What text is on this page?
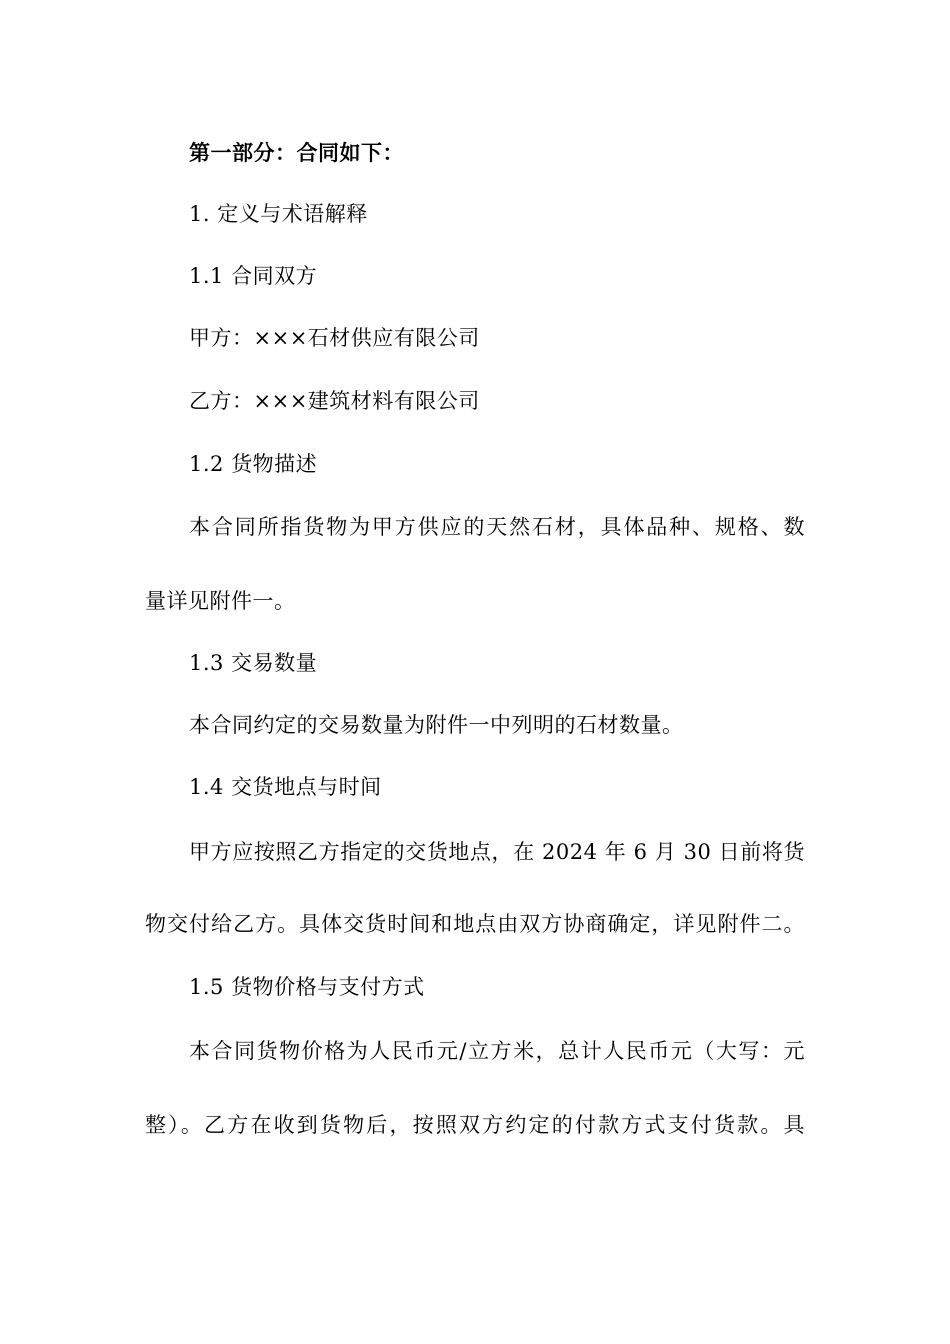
第一部分：合同如下：
1. 定义与术语解释
1.1 合同双方
甲方：×××石材供应有限公司
乙方：×××建筑材料有限公司
1.2 货物描述
本合同所指货物为甲方供应的天然石材，具体品种、规格、数
量详见附件一。
1.3 交易数量
本合同约定的交易数量为附件一中列明的石材数量。
1.4 交货地点与时间
甲方应按照乙方指定的交货地点，在 2024 年 6 月 30 日前将货
物交付给乙方。具体交货时间和地点由双方协商确定，详见附件二。
1.5 货物价格与支付方式
本合同货物价格为人民币元/立方米，总计人民币元（大写：元
整）。乙方在收到货物后，按照双方约定的付款方式支付货款。具
